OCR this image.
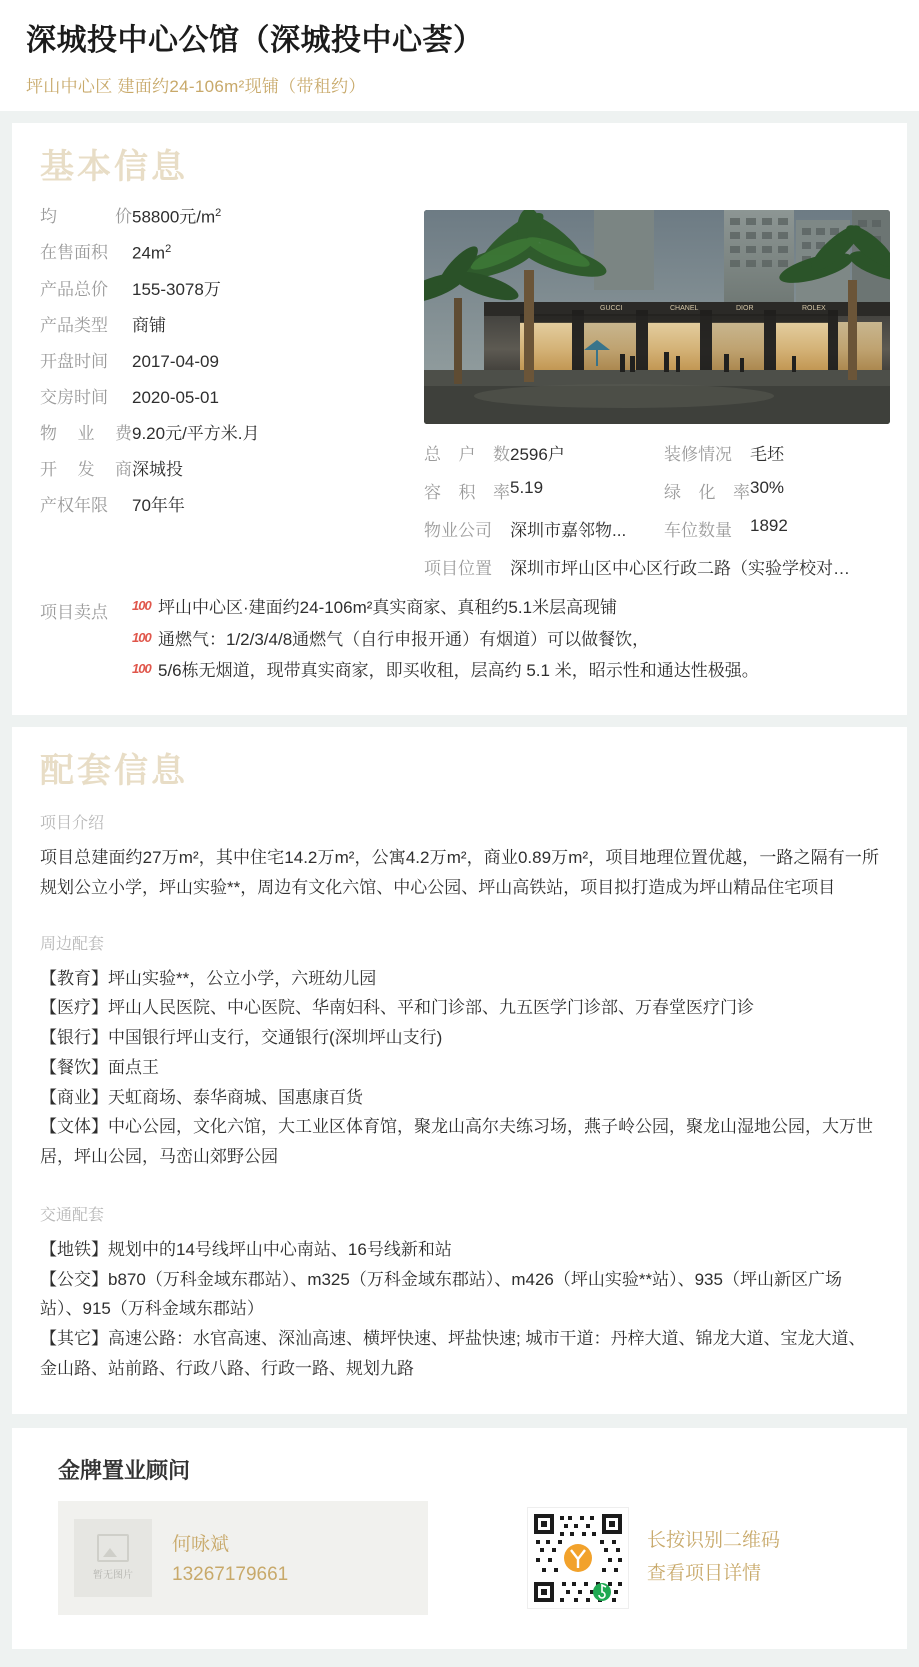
深城投中心公馆（深城投中心荟）
坪山中心区 建面约24-106m²现铺（带租约）
基本信息
均	价 58800元$/m^2$
在售面积	$24m^2$
产品总价	155-3078万
产品类型	商铺
开盘时间	2017-04-09
交房时间	2020-05-01
物 业 费 9.20元/平方米.月
开 发 商 深城投
产权年限	70年年
CHANEL	DIOR	ROLEX
GUCCI
总 户 数 2596户	装修情况	毛坯
容 积 率 5.19	绿 化 率 30%
物业公司	深圳市嘉邻物... 车位数量	1892
项目位置	深圳市坪山区中心区行政二路（实验学校对…
项目卖点	100 坪山中心区·建面约24-106m²真实商家、真租约5.1米层高现铺
100 通燃气：1/2/3/4/8通燃气（自行申报开通）有烟道）可以做餐饮，
100 5/6栋无烟道，现带真实商家，即买收租，层高约 5.1 米，昭示性和通达性极强。
配套信息
项目介绍

项目总建面约27万m²，其中住宅14.2万m²，公寓4.2万m²，商业0.89万m²，项目地理位置优越，一路之隔有一所规划公立小学，坪山实验**，周边有文化六馆、中心公园、坪山高铁站，项目拟打造成为坪山精品住宅项目

周边配套
【教育】坪山实验**，公立小学，六班幼儿园
【医疗】坪山人民医院、中心医院、华南妇科、平和门诊部、九五医学门诊部、万春堂医疗门诊
【银行】中国银行坪山支行，交通银行(深圳坪山支行)
【餐饮】面点王
【商业】天虹商场、泰华商城、国惠康百货
【文体】中心公园，文化六馆，大工业区体育馆，聚龙山高尔夫练习场，燕子岭公园，聚龙山湿地公园，大万世居，坪山公园，马峦山郊野公园
交通配套
【地铁】规划中的14号线坪山中心南站、16号线新和站
【公交】b870（万科金域东郡站）、m325（万科金域东郡站）、m426（坪山实验**站）、935（坪山新区广场站）、915（万科金域东郡站）
【其它】高速公路：水官高速、深汕高速、横坪快速、坪盐快速; 城市干道：丹梓大道、锦龙大道、宝龙大道、金山路、站前路、行政八路、行政一路、规划九路
金牌置业顾问
暂无图片
何咏斌
13267179661
长按识别二维码
查看项目详情
